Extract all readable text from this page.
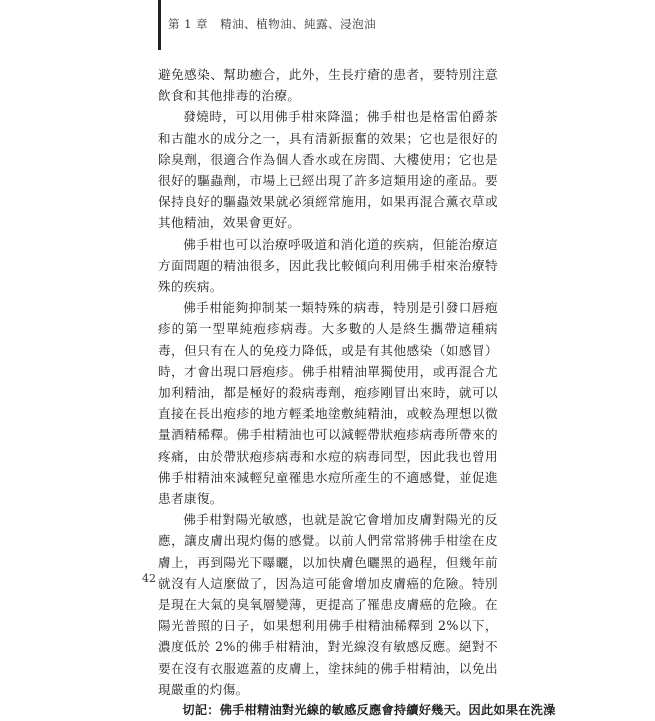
第 1 章　精油、植物油、純露、浸泡油

避免感染、幫助癒合，此外，生長疔瘡的患者，要特別注意飲食和其他排毒的治療。

發燒時，可以用佛手柑來降溫；佛手柑也是格雷伯爵茶和古龍水的成分之一，具有清新振奮的效果；它也是很好的除臭劑，很適合作為個人香水或在房間、大樓使用；它也是很好的驅蟲劑，市場上已經出現了許多這類用途的產品。要保持良好的驅蟲效果就必須經常施用，如果再混合薰衣草或其他精油，效果會更好。

佛手柑也可以治療呼吸道和消化道的疾病，但能治療這方面問題的精油很多，因此我比較傾向利用佛手柑來治療特殊的疾病。

佛手柑能夠抑制某一類特殊的病毒，特別是引發口唇疱疹的第一型單純疱疹病毒。大多數的人是終生攜帶這種病毒，但只有在人的免疫力降低，或是有其他感染（如感冒）時，才會出現口唇疱疹。佛手柑精油單獨使用，或再混合尤加利精油，都是極好的殺病毒劑，疱疹剛冒出來時，就可以直接在長出疱疹的地方輕柔地塗敷純精油，或較為理想以微量酒精稀釋。佛手柑精油也可以減輕帶狀疱疹病毒所帶來的疼痛，由於帶狀疱疹病毒和水痘的病毒同型，因此我也曾用佛手柑精油來減輕兒童罹患水痘所產生的不適感覺，並促進患者康復。

佛手柑對陽光敏感，也就是說它會增加皮膚對陽光的反應，讓皮膚出現灼傷的感覺。以前人們常常將佛手柑塗在皮膚上，再到陽光下曝曬，以加快膚色曬黑的過程，但幾年前就沒有人這麼做了，因為這可能會增加皮膚癌的危險。特別是現在大氣的臭氧層變薄，更提高了罹患皮膚癌的危險。在陽光普照的日子，如果想利用佛手柑精油稀釋到 2%以下，濃度低於 2%的佛手柑精油，對光線沒有敏感反應。絕對不要在沒有衣服遮蓋的皮膚上，塗抹純的佛手柑精油，以免出現嚴重的灼傷。

切記：佛手柑精油對光線的敏感反應會持續好幾天。因此如果在洗澡

42
